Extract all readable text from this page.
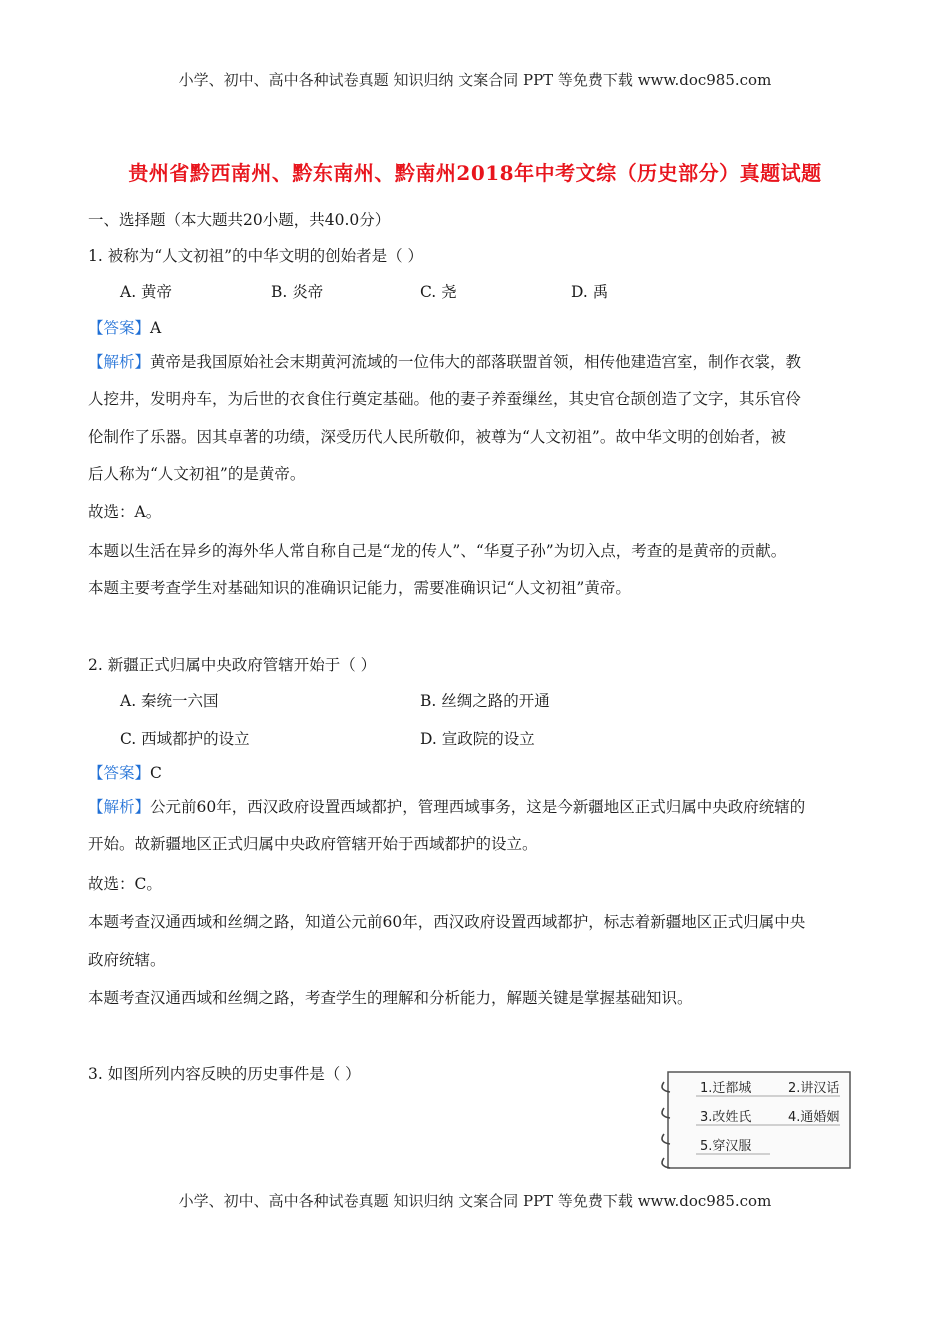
小学、初中、高中各种试卷真题 知识归纳 文案合同 PPT 等免费下载 www.doc985.com
贵州省黔西南州、黔东南州、黔南州2018年中考文综（历史部分）真题试题
一、选择题（本大题共20小题，共40.0分）
1. 被称为“人文初祖”的中华文明的创始者是（ ）
A. 黄帝	B. 炎帝	C. 尧	D. 禹
【答案】A
【解析】黄帝是我国原始社会末期黄河流域的一位伟大的部落联盟首领，相传他建造宫室，制作衣裳，教
人挖井，发明舟车，为后世的衣食住行奠定基础。他的妻子养蚕缫丝，其史官仓颉创造了文字，其乐官伶
伦制作了乐器。因其卓著的功绩，深受历代人民所敬仰，被尊为“人文初祖”。故中华文明的创始者，被
后人称为“人文初祖”的是黄帝。
故选：A。
本题以生活在异乡的海外华人常自称自己是“龙的传人”、“华夏子孙”为切入点，考查的是黄帝的贡献。
本题主要考查学生对基础知识的准确识记能力，需要准确识记“人文初祖”黄帝。
2. 新疆正式归属中央政府管辖开始于（ ）
A. 秦统一六国	B. 丝绸之路的开通
C. 西域都护的设立	D. 宣政院的设立
【答案】C
【解析】公元前60年，西汉政府设置西域都护，管理西域事务，这是今新疆地区正式归属中央政府统辖的
开始。故新疆地区正式归属中央政府管辖开始于西域都护的设立。
故选：C。
本题考查汉通西域和丝绸之路，知道公元前60年，西汉政府设置西域都护，标志着新疆地区正式归属中央
政府统辖。
本题考查汉通西域和丝绸之路，考查学生的理解和分析能力，解题关键是掌握基础知识。
3. 如图所列内容反映的历史事件是（ ）
1.迁都城	2.讲汉话
3.改姓氏	4.通婚姻
5.穿汉服
小学、初中、高中各种试卷真题 知识归纳 文案合同 PPT 等免费下载 www.doc985.com
